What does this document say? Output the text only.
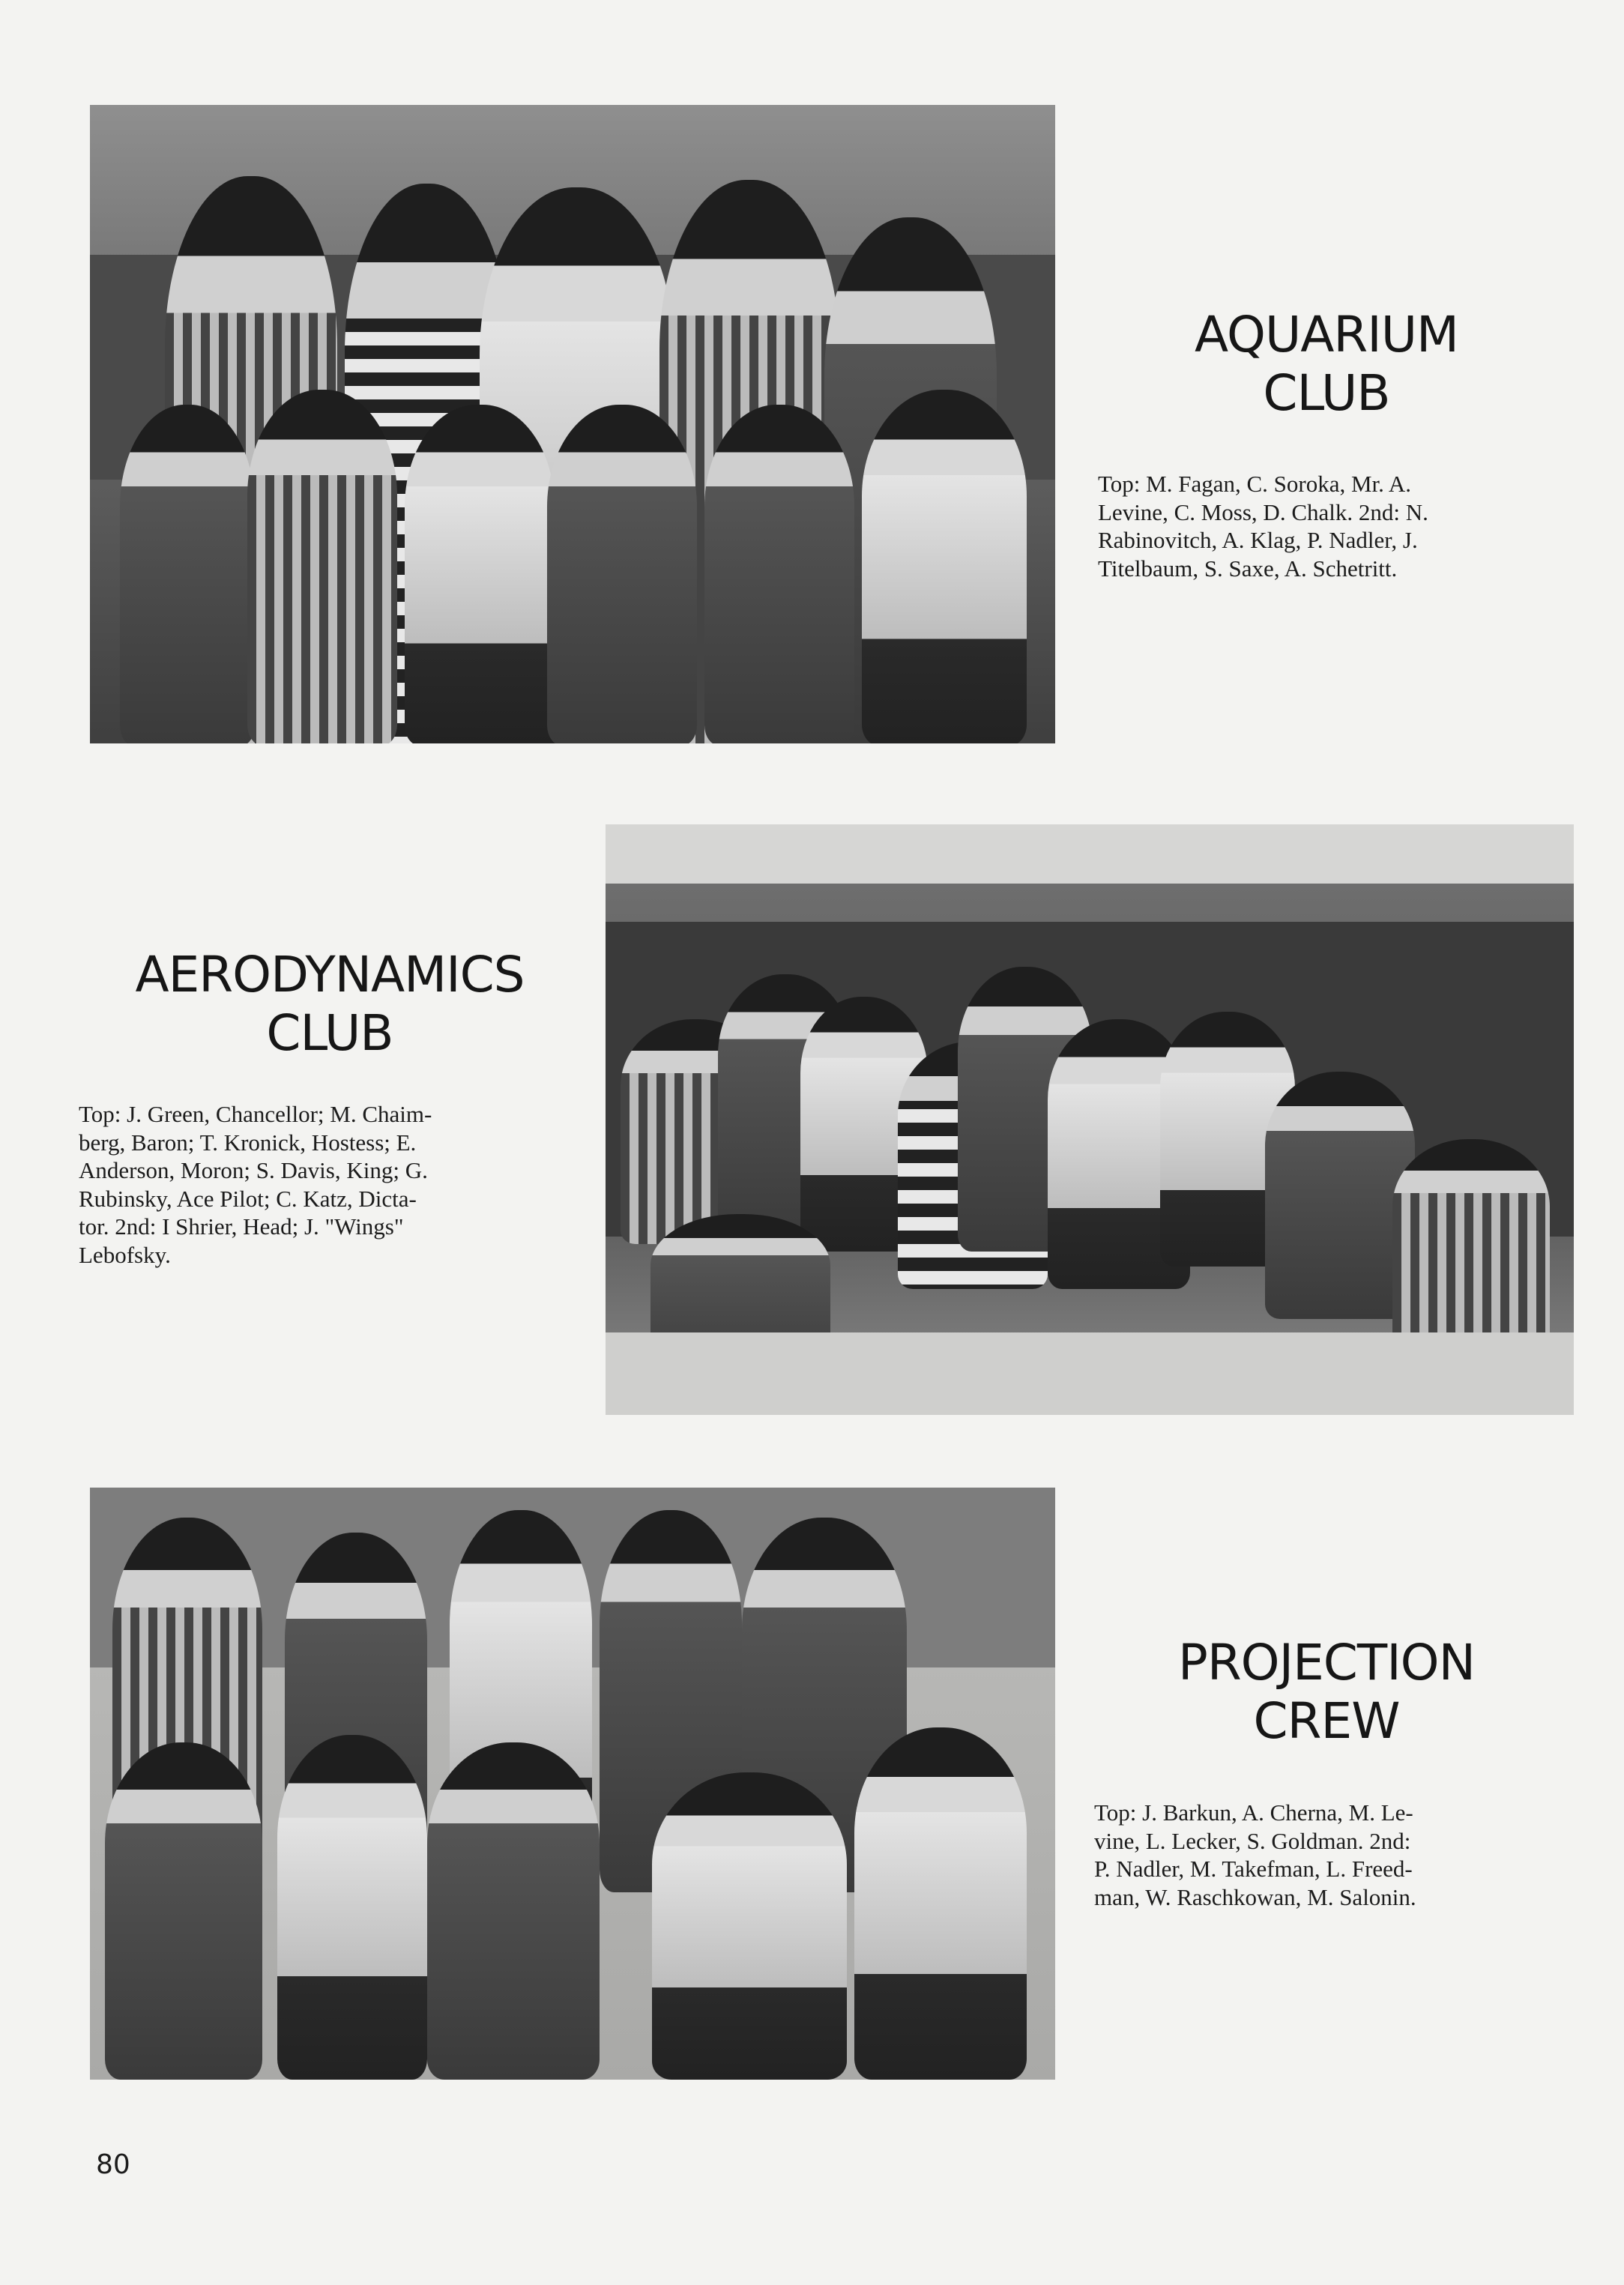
AQUARIUM
CLUB
Top: M. Fagan, C. Soroka, Mr. A.
Levine, C. Moss, D. Chalk. 2nd: N.
Rabinovitch, A. Klag, P. Nadler, J.
Titelbaum, S. Saxe, A. Schetritt.
AERODYNAMICS
CLUB
Top: J. Green, Chancellor; M. Chaim-
berg, Baron; T. Kronick, Hostess; E.
Anderson, Moron; S. Davis, King; G.
Rubinsky, Ace Pilot; C. Katz, Dicta-
tor. 2nd: I Shrier, Head; J. "Wings"
Lebofsky.
PROJECTION
CREW
Top: J. Barkun, A. Cherna, M. Le-
vine, L. Lecker, S. Goldman. 2nd:
P. Nadler, M. Takefman, L. Freed-
man, W. Raschkowan, M. Salonin.
80
